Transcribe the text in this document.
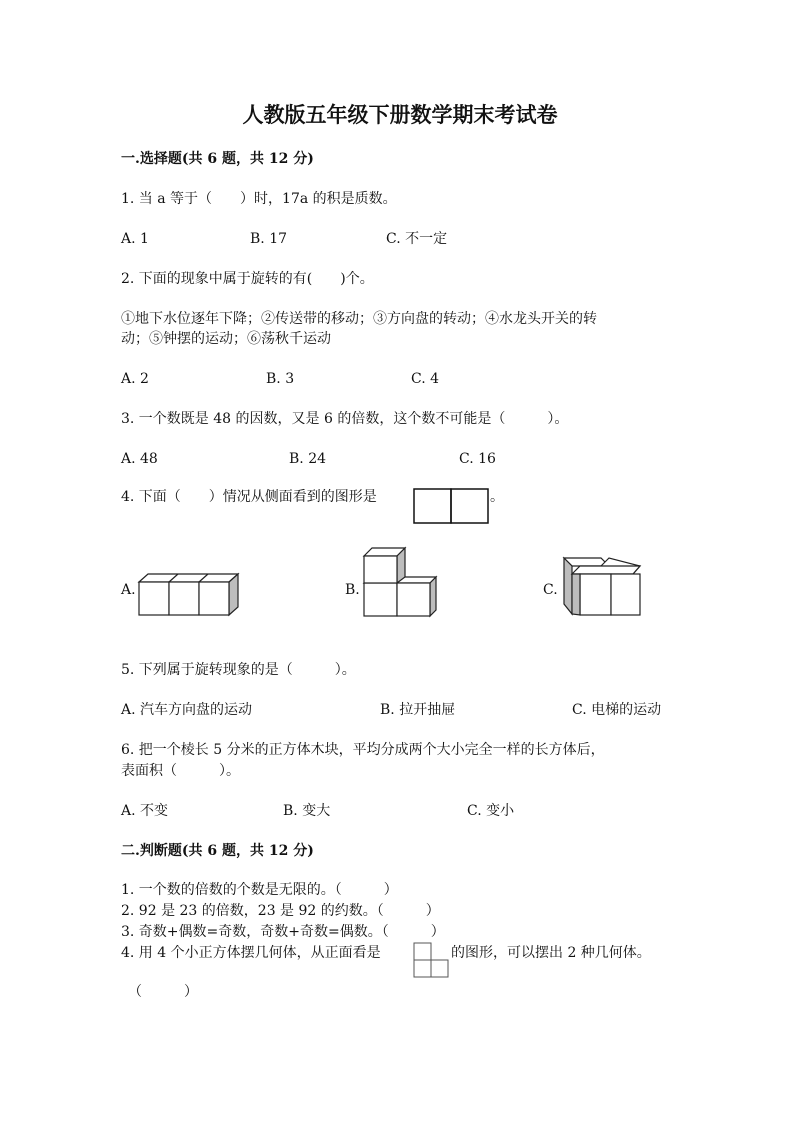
人教版五年级下册数学期末考试卷
一.选择题(共 6 题，共 12 分)
1. 当 a 等于（　　）时，17a 的积是质数。
A. 1	B. 17	C. 不一定
2. 下面的现象中属于旋转的有(　　)个。
①地下水位逐年下降；②传送带的移动；③方向盘的转动；④水龙头开关的转
动；⑤钟摆的运动；⑥荡秋千运动
A. 2	B. 3	C. 4
3. 一个数既是 48 的因数，又是 6 的倍数，这个数不可能是（　　　）。
A. 48	B. 24	C. 16
4. 下面（　　）情况从侧面看到的图形是	。
A.	B.	C.
5. 下列属于旋转现象的是（　　　）。
A. 汽车方向盘的运动	B. 拉开抽屉	C. 电梯的运动
6. 把一个棱长 5 分米的正方体木块，平均分成两个大小完全一样的长方体后，
表面积（　　　）。
A. 不变	B. 变大	C. 变小
二.判断题(共 6 题，共 12 分)
1. 一个数的倍数的个数是无限的。（　　　）
2. 92 是 23 的倍数，23 是 92 的约数。（　　　）
3. 奇数+偶数=奇数，奇数+奇数=偶数。（　　　）
4. 用 4 个小正方体摆几何体，从正面看是	的图形，可以摆出 2 种几何体。
（　　　）
